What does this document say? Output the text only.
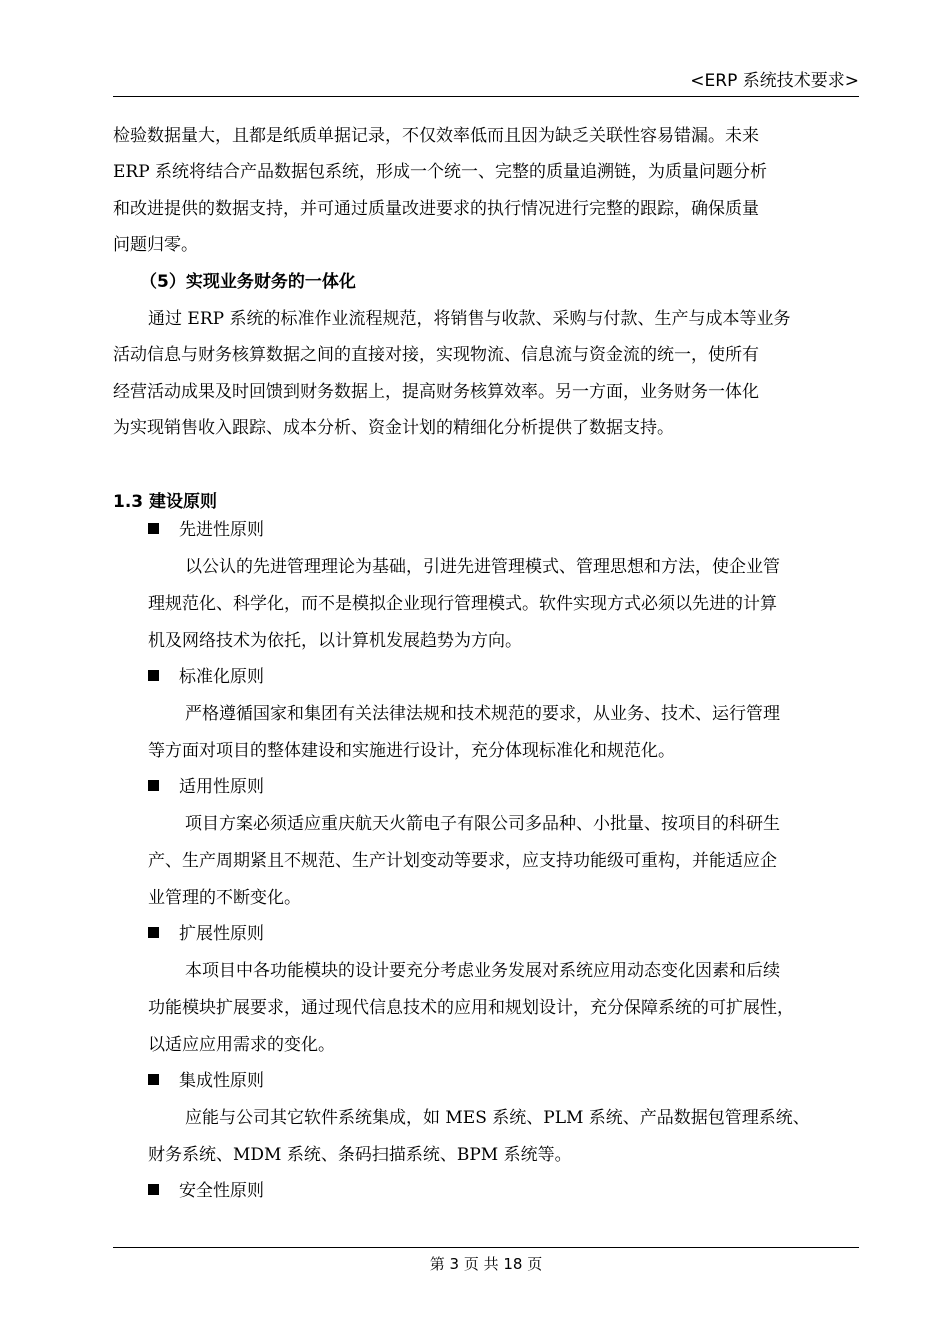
<ERP 系统技术要求>
检验数据量大，且都是纸质单据记录，不仅效率低而且因为缺乏关联性容易错漏。未来
ERP 系统将结合产品数据包系统，形成一个统一、完整的质量追溯链，为质量问题分析
和改进提供的数据支持，并可通过质量改进要求的执行情况进行完整的跟踪，确保质量
问题归零。
（5）实现业务财务的一体化
通过 ERP 系统的标准作业流程规范，将销售与收款、采购与付款、生产与成本等业务
活动信息与财务核算数据之间的直接对接，实现物流、信息流与资金流的统一，使所有
经营活动成果及时回馈到财务数据上，提高财务核算效率。另一方面，业务财务一体化
为实现销售收入跟踪、成本分析、资金计划的精细化分析提供了数据支持。
1.3 建设原则
先进性原则
以公认的先进管理理论为基础，引进先进管理模式、管理思想和方法，使企业管
理规范化、科学化，而不是模拟企业现行管理模式。软件实现方式必须以先进的计算
机及网络技术为依托，以计算机发展趋势为方向。
标准化原则
严格遵循国家和集团有关法律法规和技术规范的要求，从业务、技术、运行管理
等方面对项目的整体建设和实施进行设计，充分体现标准化和规范化。
适用性原则
项目方案必须适应重庆航天火箭电子有限公司多品种、小批量、按项目的科研生
产、生产周期紧且不规范、生产计划变动等要求，应支持功能级可重构，并能适应企
业管理的不断变化。
扩展性原则
本项目中各功能模块的设计要充分考虑业务发展对系统应用动态变化因素和后续
功能模块扩展要求，通过现代信息技术的应用和规划设计，充分保障系统的可扩展性，
以适应应用需求的变化。
集成性原则
应能与公司其它软件系统集成，如 MES 系统、PLM 系统、产品数据包管理系统、
财务系统、MDM 系统、条码扫描系统、BPM 系统等。
安全性原则
第 3 页 共 18 页
